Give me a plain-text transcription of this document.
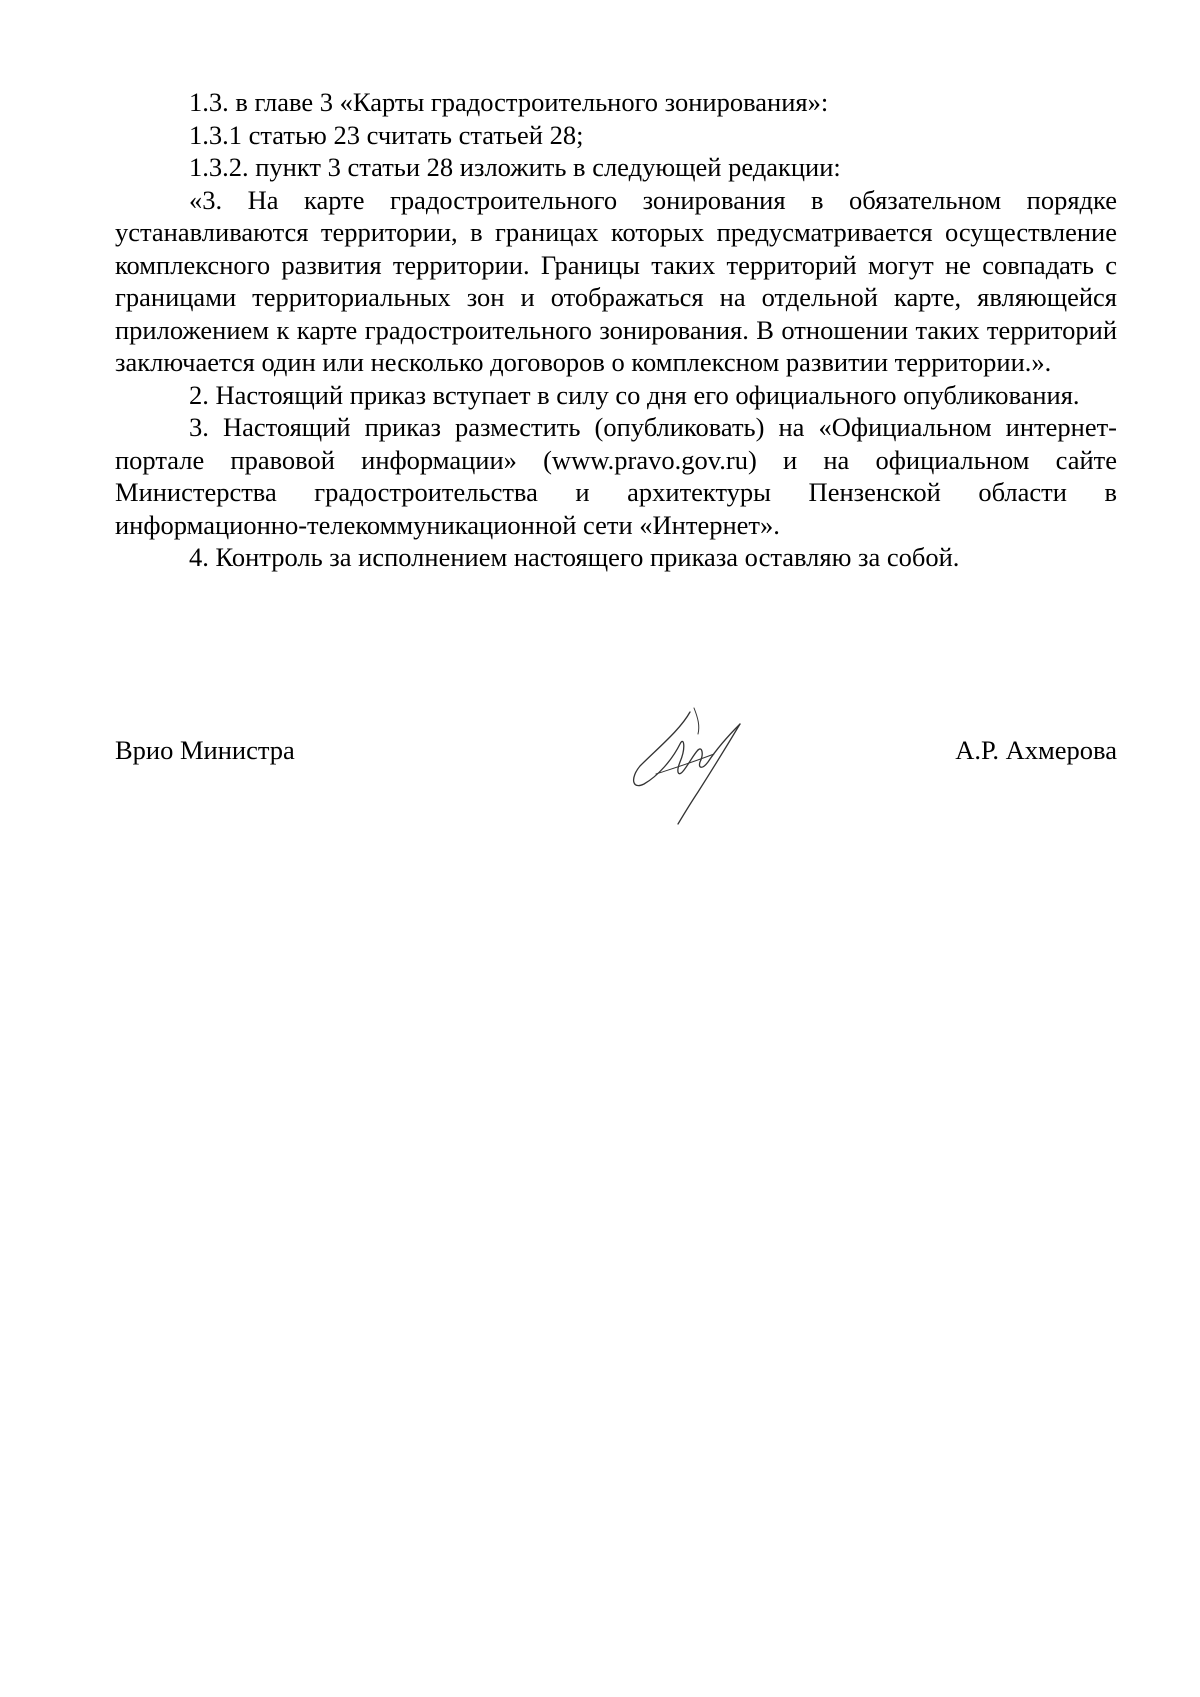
1.3. в главе 3 «Карты градостроительного зонирования»:

1.3.1 статью 23 считать статьей 28;

1.3.2. пункт 3 статьи 28 изложить в следующей редакции:

«3. На карте градостроительного зонирования в обязательном порядке устанавливаются территории, в границах которых предусматривается осуществление комплексного развития территории. Границы таких территорий могут не совпадать с границами территориальных зон и отображаться на отдельной карте, являющейся приложением к карте градостроительного зонирования. В отношении таких территорий заключается один или несколько договоров о комплексном развитии территории.».

2. Настоящий приказ вступает в силу со дня его официального опубликования.

3. Настоящий приказ разместить (опубликовать) на «Официальном интернет-портале правовой информации» (www.pravo.gov.ru) и на официальном сайте Министерства градостроительства и архитектуры Пензенской области в информационно-телекоммуникационной сети «Интернет».

4. Контроль за исполнением настоящего приказа оставляю за собой.

Врио Министра	А.Р. Ахмерова
